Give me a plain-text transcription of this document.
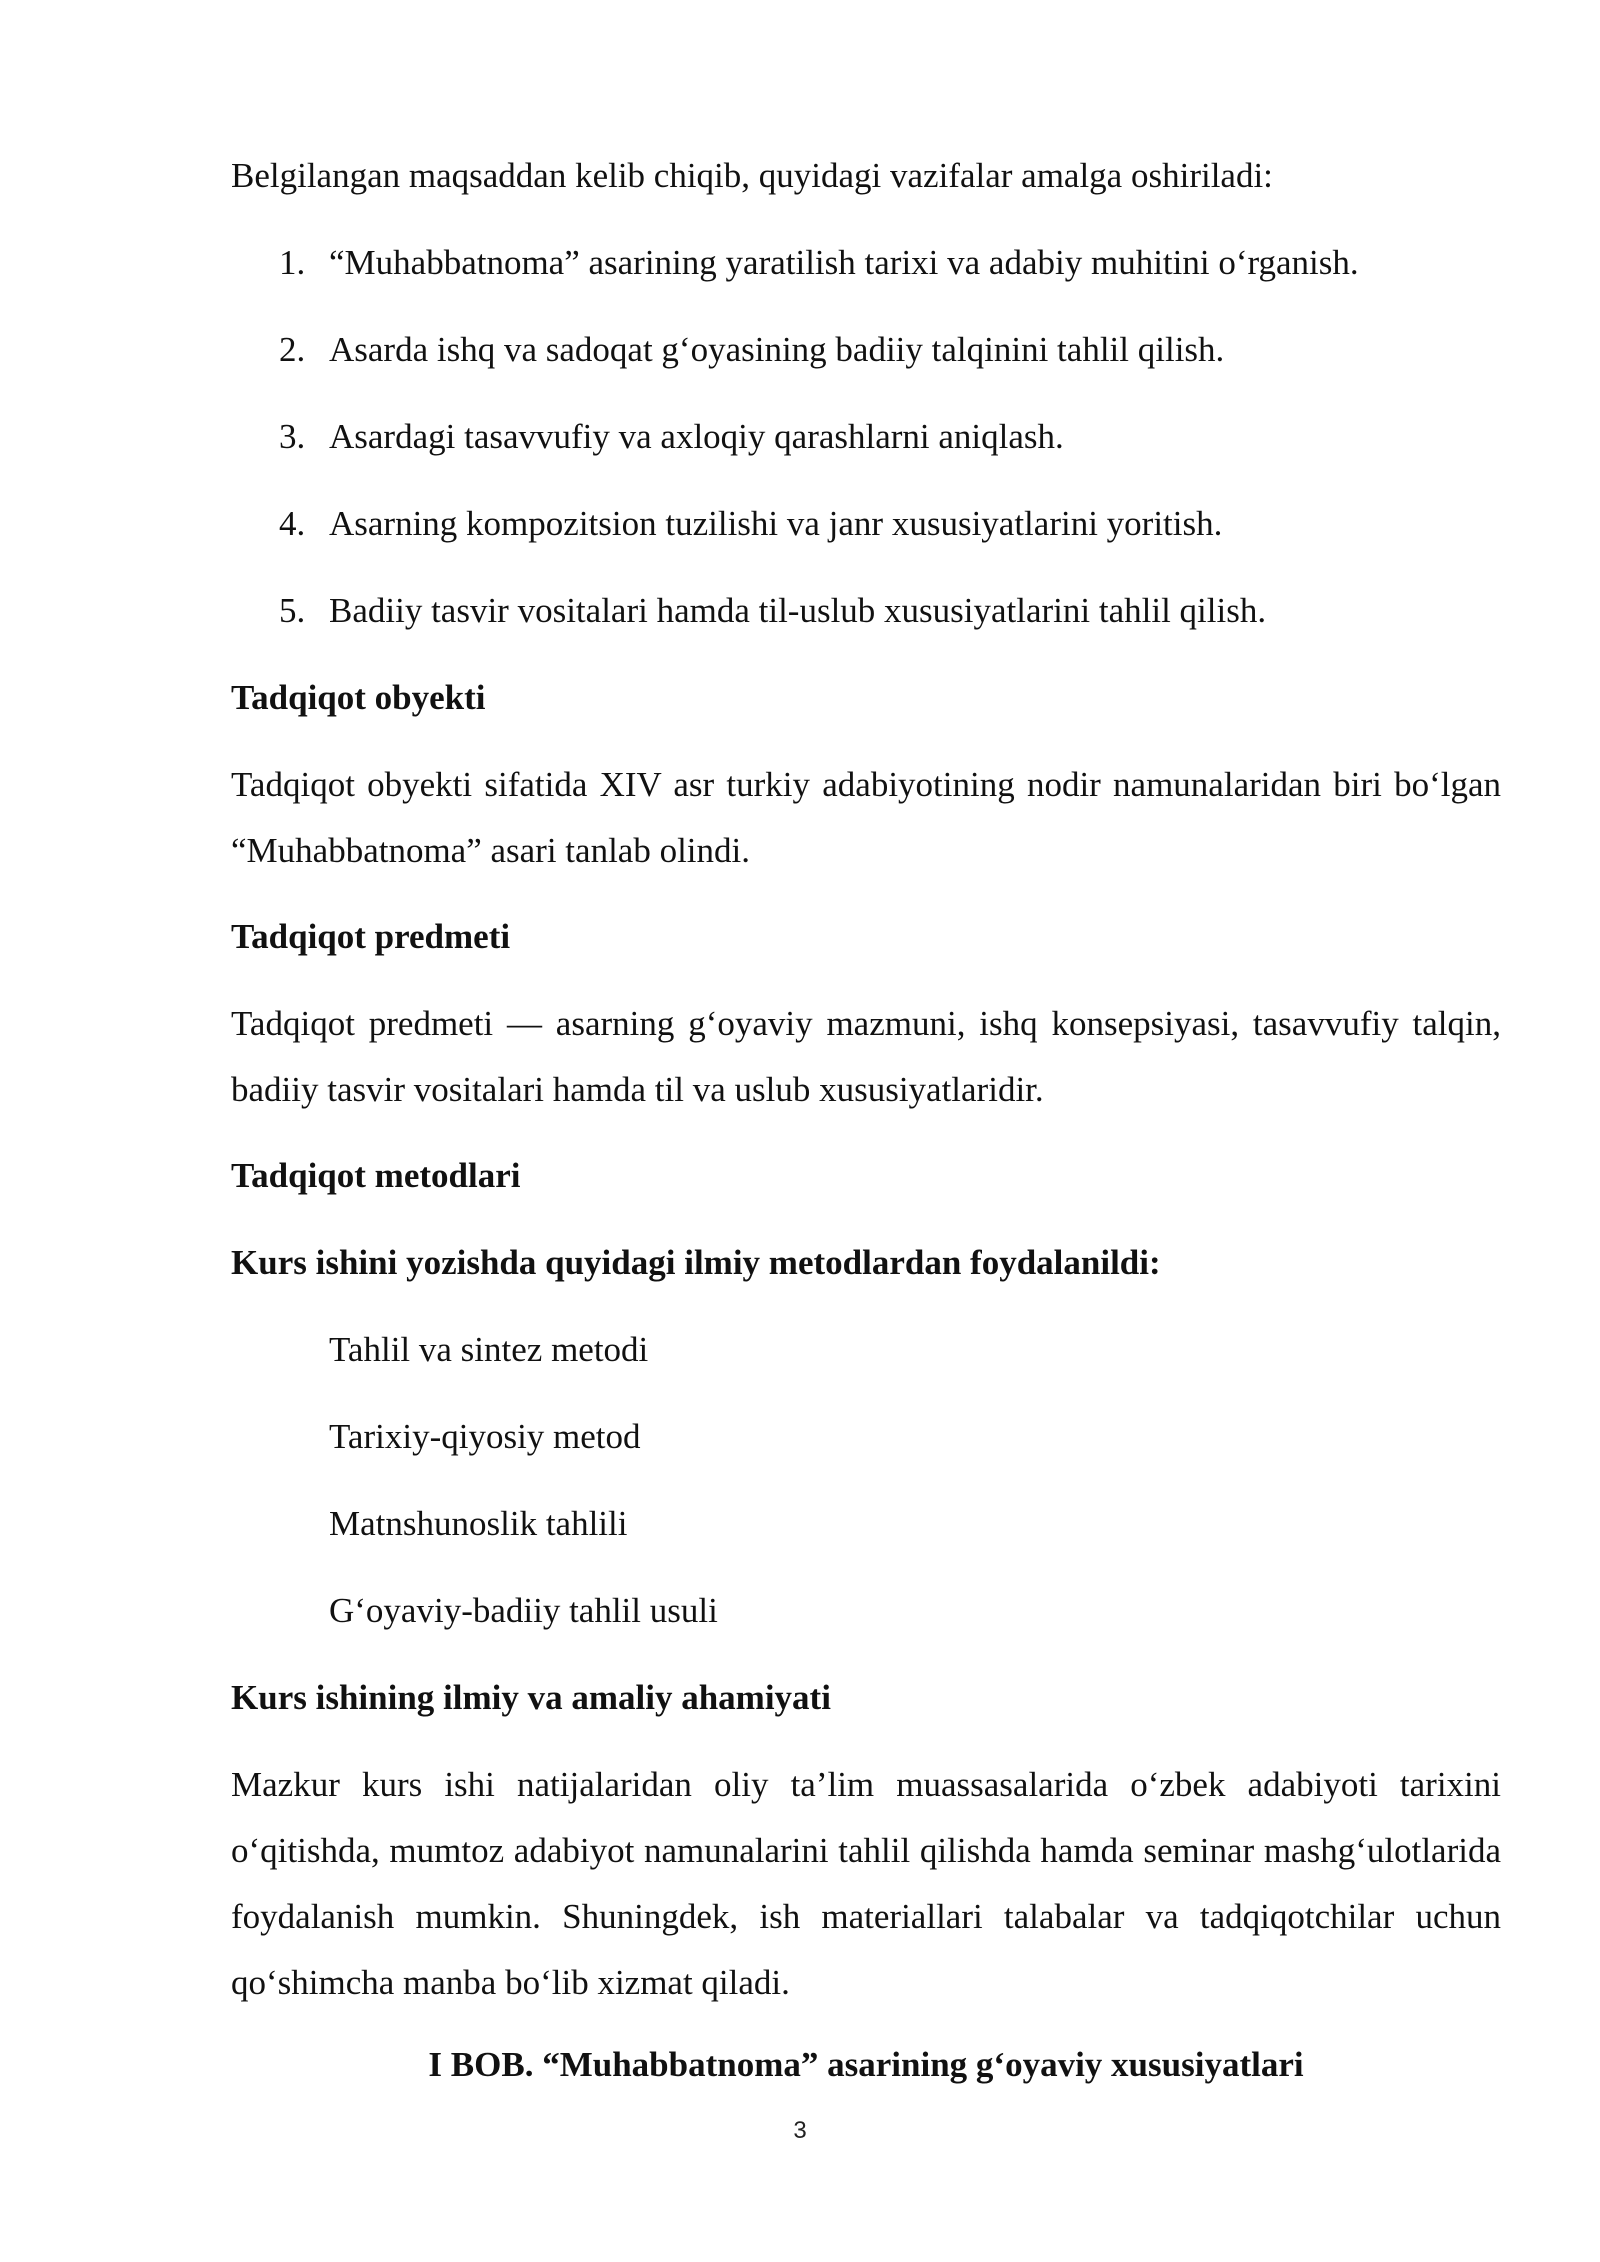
Belgilangan maqsaddan kelib chiqib, quyidagi vazifalar amalga oshiriladi:
1. “Muhabbatnoma” asarining yaratilish tarixi va adabiy muhitini o‘rganish.
2. Asarda ishq va sadoqat g‘oyasining badiiy talqinini tahlil qilish.
3. Asardagi tasavvufiy va axloqiy qarashlarni aniqlash.
4. Asarning kompozitsion tuzilishi va janr xususiyatlarini yoritish.
5. Badiiy tasvir vositalari hamda til-uslub xususiyatlarini tahlil qilish.
Tadqiqot obyekti
Tadqiqot obyekti sifatida XIV asr turkiy adabiyotining nodir namunalaridan biri bo‘lgan “Muhabbatnoma” asari tanlab olindi.
Tadqiqot predmeti
Tadqiqot predmeti — asarning g‘oyaviy mazmuni, ishq konsepsiyasi, tasavvufiy talqin, badiiy tasvir vositalari hamda til va uslub xususiyatlaridir.
Tadqiqot metodlari
Kurs ishini yozishda quyidagi ilmiy metodlardan foydalanildi:
Tahlil va sintez metodi
Tarixiy-qiyosiy metod
Matnshunoslik tahlili
G‘oyaviy-badiiy tahlil usuli
Kurs ishining ilmiy va amaliy ahamiyati
Mazkur kurs ishi natijalaridan oliy ta’lim muassasalarida o‘zbek adabiyoti tarixini o‘qitishda, mumtoz adabiyot namunalarini tahlil qilishda hamda seminar mashg‘ulotlarida foydalanish mumkin. Shuningdek, ish materiallari talabalar va tadqiqotchilar uchun qo‘shimcha manba bo‘lib xizmat qiladi.
I BOB. “Muhabbatnoma” asarining g‘oyaviy xususiyatlari
3
